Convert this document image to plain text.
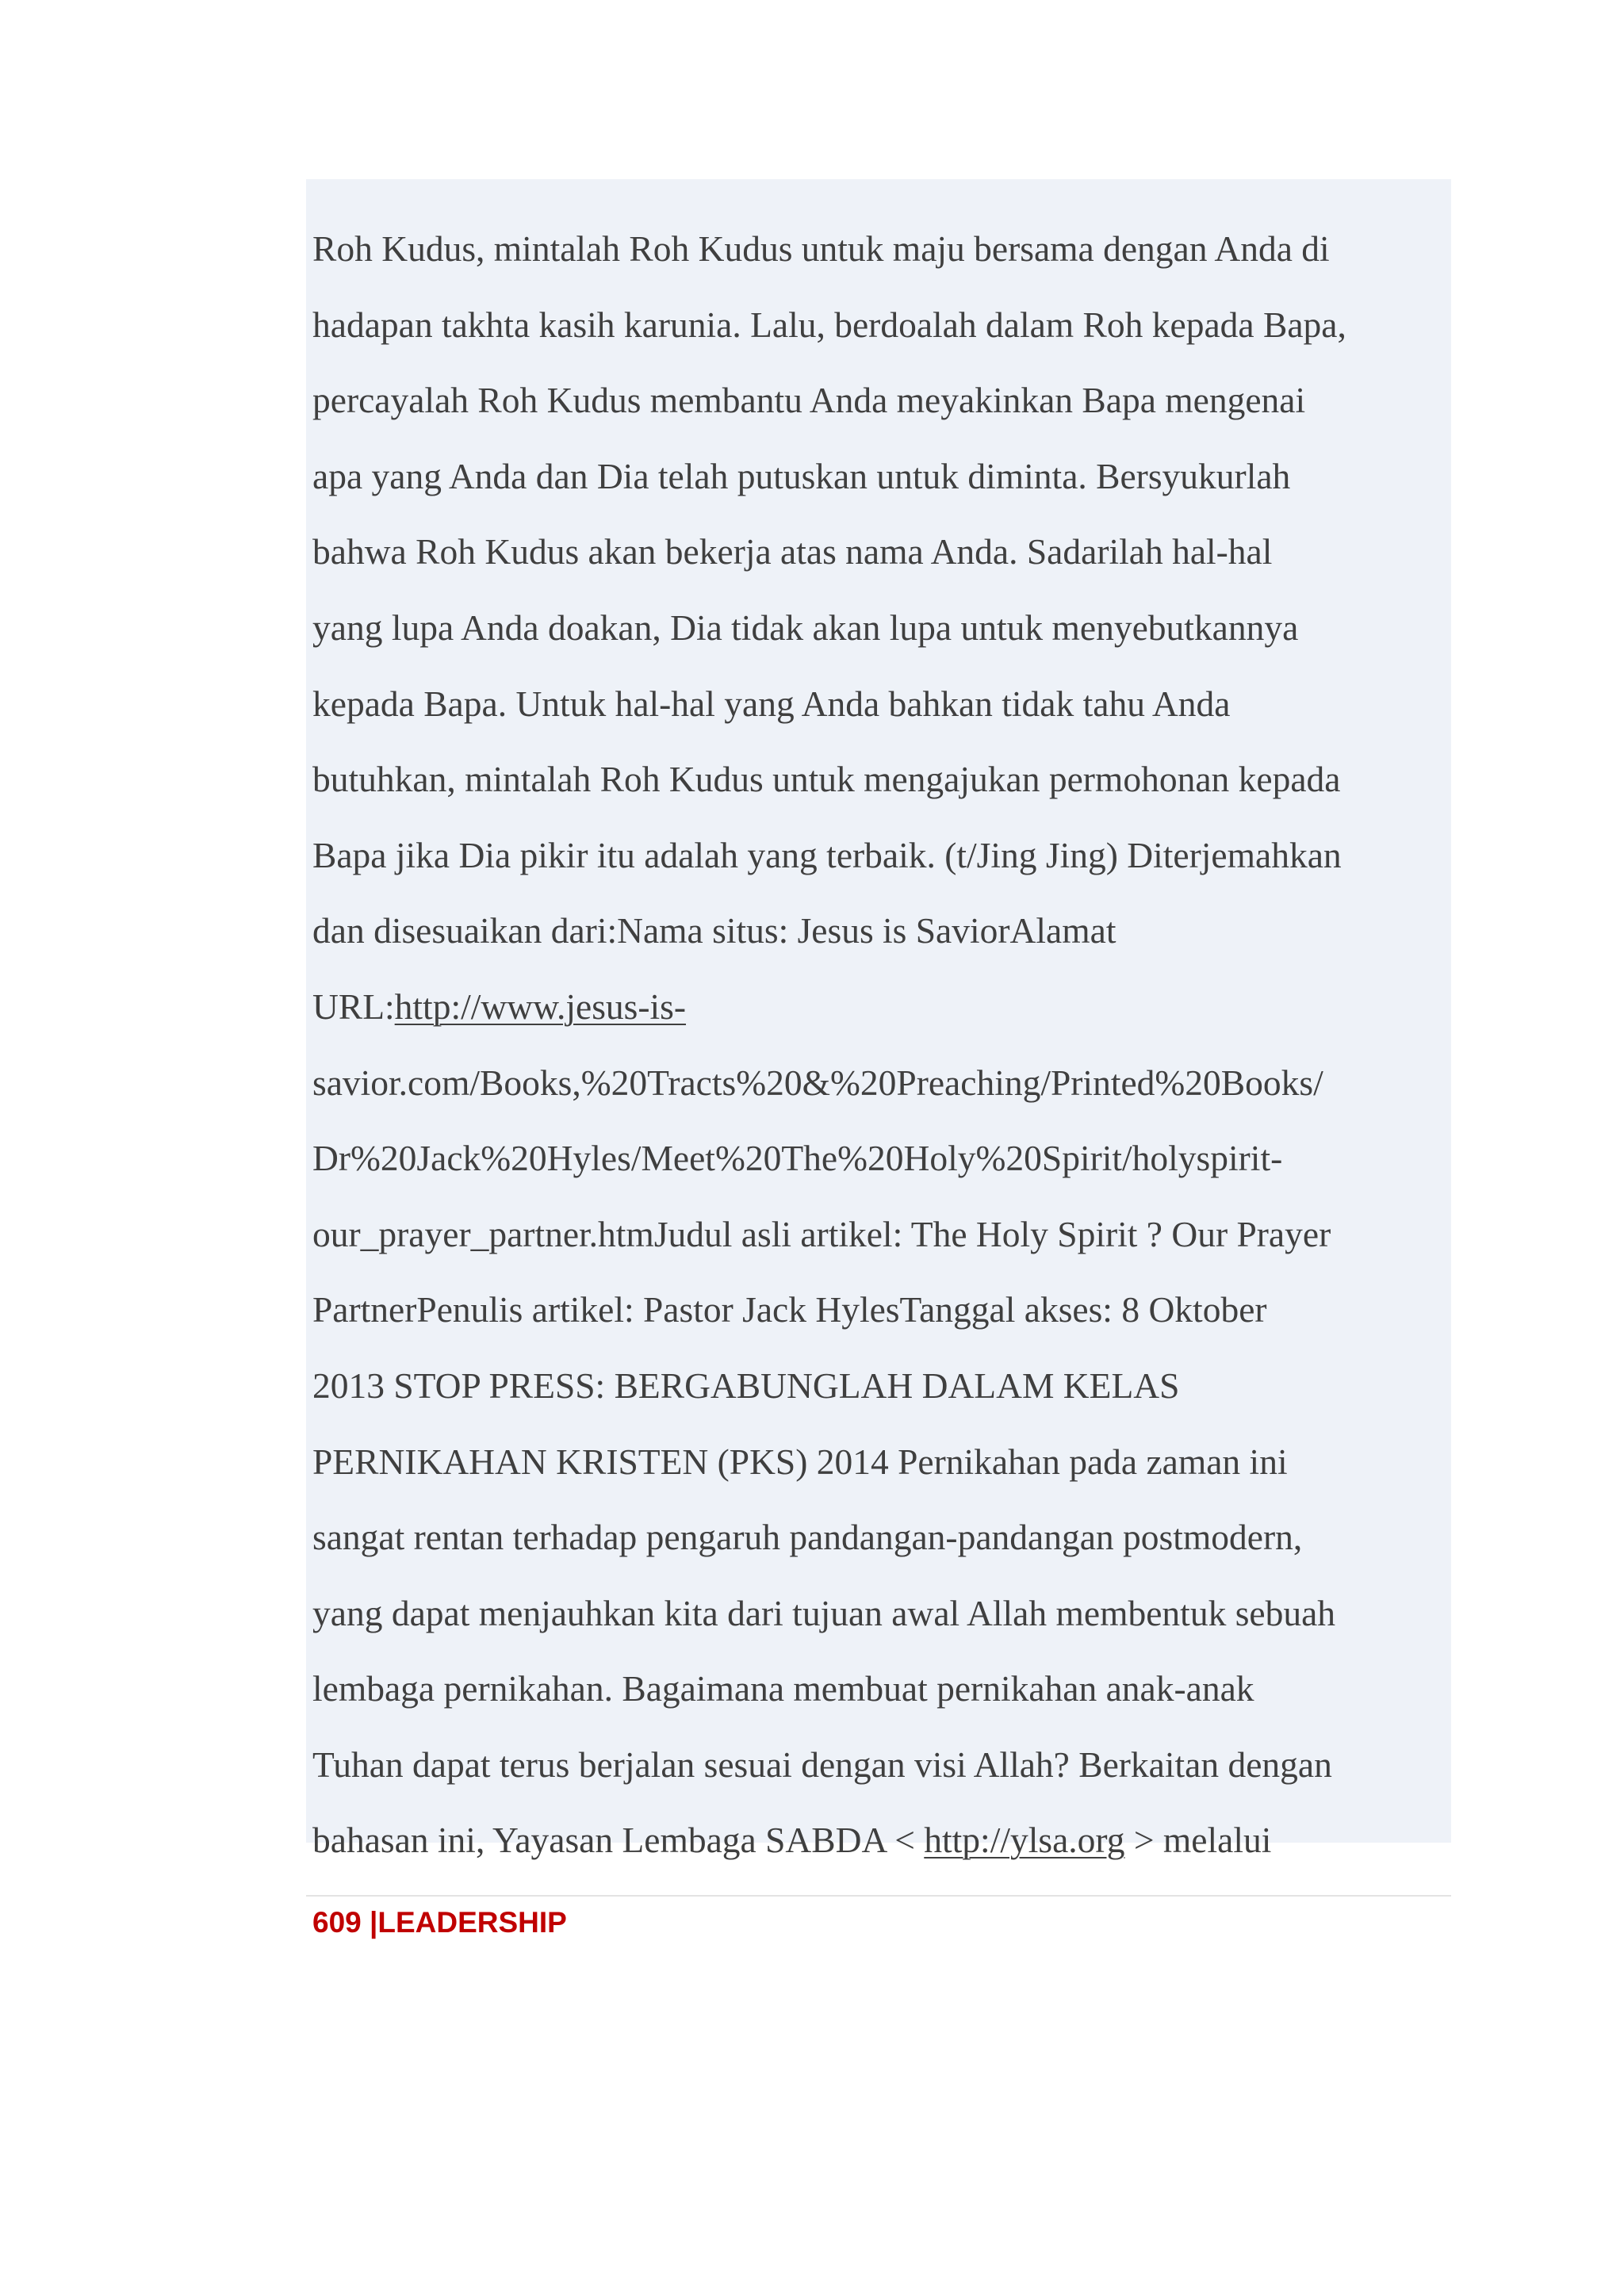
Roh Kudus, mintalah Roh Kudus untuk maju bersama dengan Anda di
hadapan takhta kasih karunia. Lalu, berdoalah dalam Roh kepada Bapa,
percayalah Roh Kudus membantu Anda meyakinkan Bapa mengenai
apa yang Anda dan Dia telah putuskan untuk diminta. Bersyukurlah
bahwa Roh Kudus akan bekerja atas nama Anda. Sadarilah hal-hal
yang lupa Anda doakan, Dia tidak akan lupa untuk menyebutkannya
kepada Bapa. Untuk hal-hal yang Anda bahkan tidak tahu Anda
butuhkan, mintalah Roh Kudus untuk mengajukan permohonan kepada
Bapa jika Dia pikir itu adalah yang terbaik. (t/Jing Jing) Diterjemahkan
dan disesuaikan dari:Nama situs: Jesus is SaviorAlamat
URL:http://www.jesus-is-
savior.com/Books,%20Tracts%20&%20Preaching/Printed%20Books/
Dr%20Jack%20Hyles/Meet%20The%20Holy%20Spirit/holyspirit-
our_prayer_partner.htmJudul asli artikel: The Holy Spirit ? Our Prayer
PartnerPenulis artikel: Pastor Jack HylesTanggal akses: 8 Oktober
2013 STOP PRESS: BERGABUNGLAH DALAM KELAS
PERNIKAHAN KRISTEN (PKS) 2014 Pernikahan pada zaman ini
sangat rentan terhadap pengaruh pandangan-pandangan postmodern,
yang dapat menjauhkan kita dari tujuan awal Allah membentuk sebuah
lembaga pernikahan. Bagaimana membuat pernikahan anak-anak
Tuhan dapat terus berjalan sesuai dengan visi Allah? Berkaitan dengan
bahasan ini, Yayasan Lembaga SABDA < http://ylsa.org > melalui
609 |LEADERSHIP
